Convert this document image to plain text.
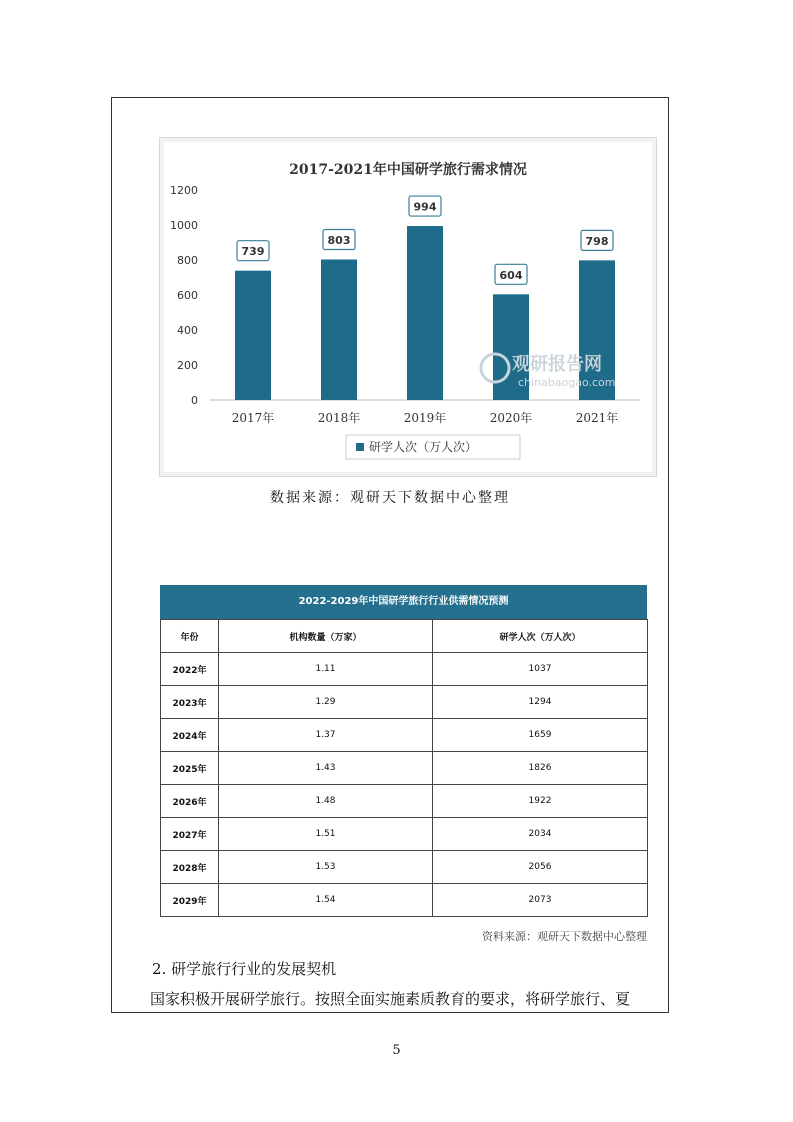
2017-2021年中国研学旅行需求情况
0
200
400
600
800
1000
1200
739
803
994
604
798
2017年	2018年	2019年	2020年	2021年
观研报告网
chinabaogao.com
研学人次（万人次）
数据来源：观研天下数据中心整理
2022-2029年中国研学旅行行业供需情况预测
年份	机构数量（万家）	研学人次（万人次）
2022年	1.11	1037
2023年	1.29	1294
2024年	1.37	1659
2025年	1.43	1826
2026年	1.48	1922
2027年	1.51	2034
2028年	1.53	2056
2029年	1.54	2073
资料来源：观研天下数据中心整理
2. 研学旅行行业的发展契机
国家积极开展研学旅行。按照全面实施素质教育的要求，将研学旅行、夏
5
